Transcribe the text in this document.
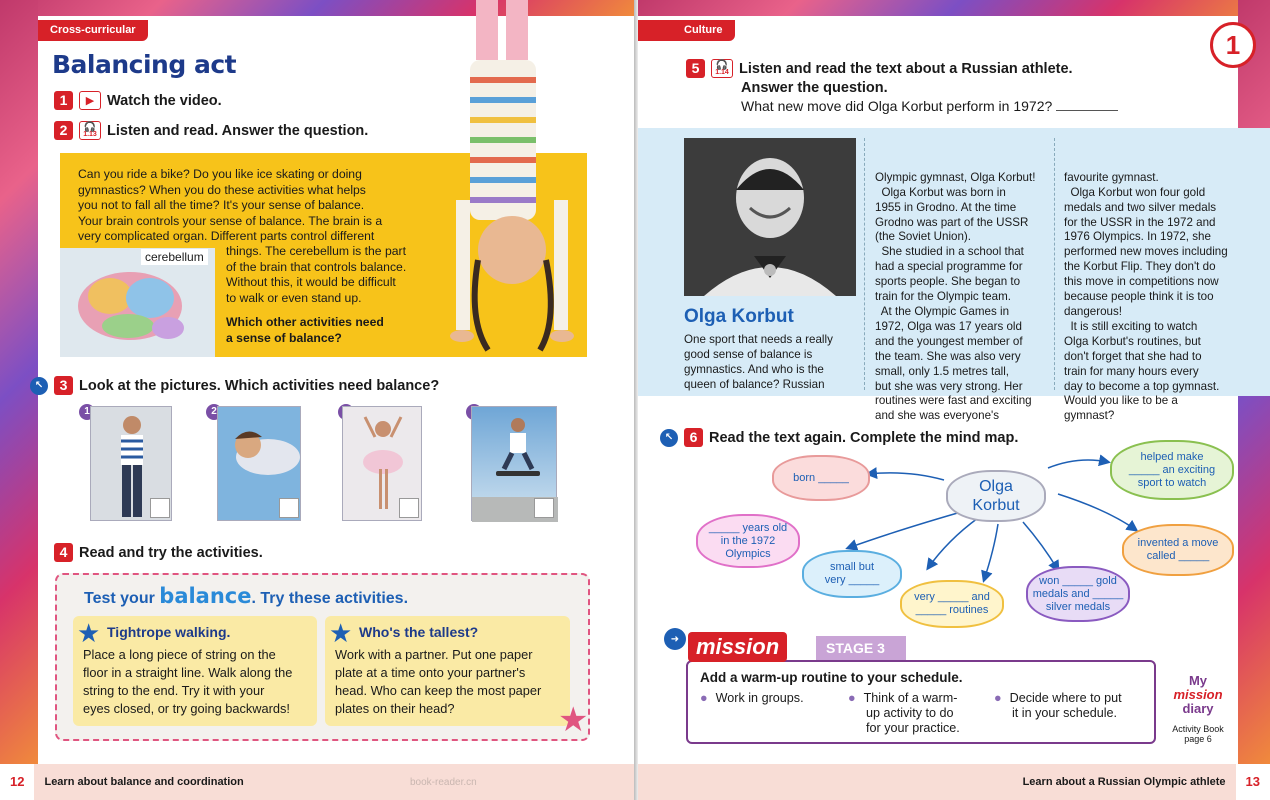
Cross-curricular
Balancing act
1	▶ Watch the video.
2	🎧
1.13 Listen and read. Answer the question.
Can you ride a bike? Do you like ice skating or doing
gymnastics? When you do these activities what helps
you not to fall all the time? It's your sense of balance.
Your brain controls your sense of balance. The brain is a
very complicated organ. Different parts control different
cerebellum	things. The cerebellum is the part
of the brain that controls balance.
Without this, it would be difficult
to walk or even stand up.
Which other activities need
a sense of balance?
↖	3 Look at the pictures. Which activities need balance?
1	2
4 Read and try the activities.
Test your balance. Try these activities.
★ Tightrope walking.

Place a long piece of string on the
floor in a straight line. Walk along the
string to the end. Try it with your
eyes closed, or try going backwards!

★ Who's the tallest?

Work with a partner. Put one paper
plate at a time onto your partner's
head. Who can keep the most paper
plates on their head?	★
12	Learn about balance and coordination	book-reader.cn
Culture	1
5	🎧
1.14 Listen and read the text about a Russian athlete.
Answer the question.
What new move did Olga Korbut perform in 1972?
Olga Korbut
One sport that needs a really
good sense of balance is
gymnastics. And who is the
queen of balance? Russian

Olympic gymnast, Olga Korbut!
Olga Korbut was born in
1955 in Grodno. At the time
Grodno was part of the USSR
(the Soviet Union).
She studied in a school that
had a special programme for
sports people. She began to
train for the Olympic team.
At the Olympic Games in
1972, Olga was 17 years old
and the youngest member of
the team. She was also very
small, only 1.5 metres tall,
but she was very strong. Her
routines were fast and exciting
and she was everyone's

favourite gymnast.
Olga Korbut won four gold
medals and two silver medals
for the USSR in the 1972 and
1976 Olympics. In 1972, she
performed new moves including
the Korbut Flip. They don't do
this move in competitions now
because people think it is too
dangerous!
It is still exciting to watch
Olga Korbut's routines, but
don't forget that she had to
train for many hours every
day to become a top gymnast.
Would you like to be a
gymnast?

↖	6 Read the text again. Complete the mind map.
Olga
Korbut
born _____
_____ years old
in the 1972
Olympics
small but
very _____
very _____ and
_____ routines
won _____ gold
medals and _____
silver medals
invented a move
called _____
helped make
_____ an exciting
sport to watch
➜ mission	STAGE 3
Add a warm-up routine to your schedule.
● Work in groups.	● Think of a warm-
up activity to do
for your practice.
● Decide where to put
it in your schedule.
My
mission
diary
Activity Book
page 6
Learn about a Russian Olympic athlete	13
